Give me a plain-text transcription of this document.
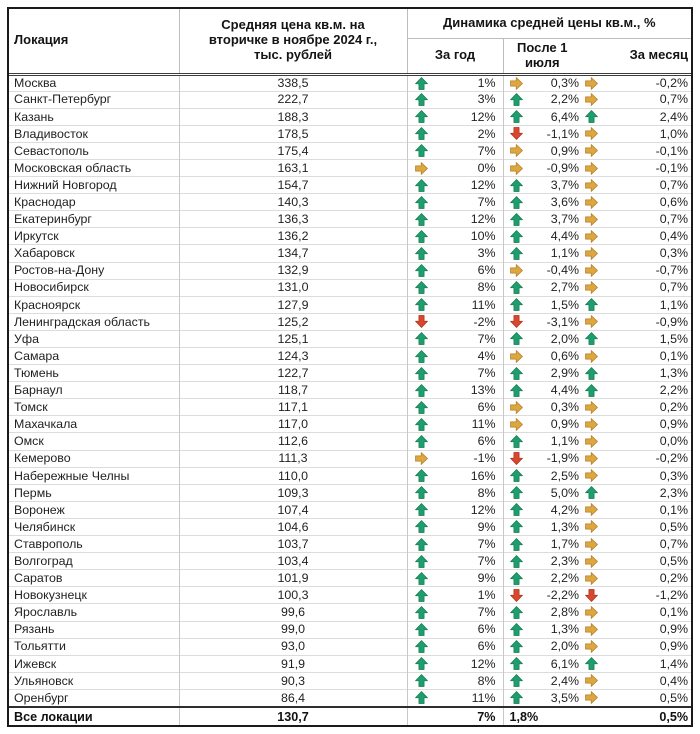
Локация	Средняя цена кв.м. на вторичке в ноябре 2024 г., тыс. рублей	Динамика средней цены кв.м., %		
		За год	После 1 июля	За месяц
Москва	338,5	1%	0,3%	-0,2%

Санкт-Петербург	222,7	3%	2,2%	0,7%

Казань	188,3	12%	6,4%	2,4%

Владивосток	178,5	2%	-1,1%	1,0%

Севастополь	175,4	7%	0,9%	-0,1%

Московская область	163,1	0%	-0,9%	-0,1%

Нижний Новгород	154,7	12%	3,7%	0,7%

Краснодар	140,3	7%	3,6%	0,6%

Екатеринбург	136,3	12%	3,7%	0,7%

Иркутск	136,2	10%	4,4%	0,4%

Хабаровск	134,7	3%	1,1%	0,3%

Ростов-на-Дону	132,9	6%	-0,4%	-0,7%

Новосибирск	131,0	8%	2,7%	0,7%

Красноярск	127,9	11%	1,5%	1,1%

Ленинградская область	125,2	-2%	-3,1%	-0,9%

Уфа	125,1	7%	2,0%	1,5%

Самара	124,3	4%	0,6%	0,1%

Тюмень	122,7	7%	2,9%	1,3%

Барнаул	118,7	13%	4,4%	2,2%

Томск	117,1	6%	0,3%	0,2%

Махачкала	117,0	11%	0,9%	0,9%

Омск	112,6	6%	1,1%	0,0%

Кемерово	111,3	-1%	-1,9%	-0,2%

Набережные Челны	110,0	16%	2,5%	0,3%

Пермь	109,3	8%	5,0%	2,3%

Воронеж	107,4	12%	4,2%	0,1%

Челябинск	104,6	9%	1,3%	0,5%

Ставрополь	103,7	7%	1,7%	0,7%

Волгоград	103,4	7%	2,3%	0,5%

Саратов	101,9	9%	2,2%	0,2%

Новокузнецк	100,3	1%	-2,2%	-1,2%

Ярославль	99,6	7%	2,8%	0,1%

Рязань	99,0	6%	1,3%	0,9%

Тольятти	93,0	6%	2,0%	0,9%

Ижевск	91,9	12%	6,1%	1,4%

Ульяновск	90,3	8%	2,4%	0,4%

Оренбург	86,4	11%	3,5%	0,5%

Все локации	130,7	7%	1,8%	0,5%
